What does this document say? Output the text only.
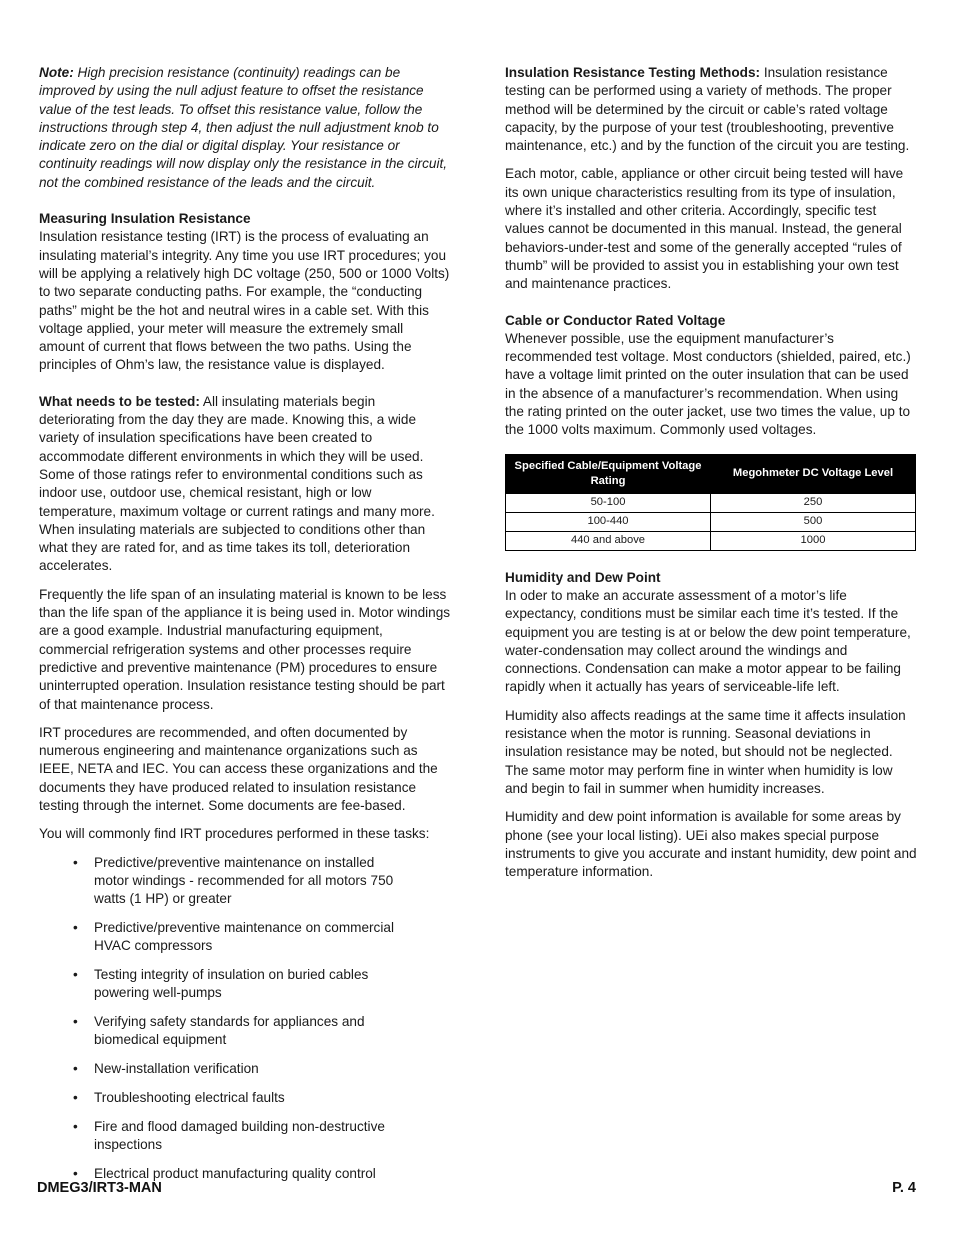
Note: High precision resistance (continuity) readings can be improved by using the null adjust feature to offset the resistance value of the test leads. To offset this resistance value, follow the instructions through step 4, then adjust the null adjustment knob to indicate zero on the dial or digital display. Your resistance or continuity readings will now display only the resistance in the circuit, not the combined resistance of the leads and the circuit.

Measuring Insulation Resistance

Insulation resistance testing (IRT) is the process of evaluating an insulating material’s integrity. Any time you use IRT procedures; you will be applying a relatively high DC voltage (250, 500 or 1000 Volts) to two separate conducting paths. For example, the “conducting paths” might be the hot and neutral wires in a cable set. With this voltage applied, your meter will measure the extremely small amount of current that flows between the two paths. Using the principles of Ohm’s law, the resistance value is displayed.

What needs to be tested: All insulating materials begin deteriorating from the day they are made. Knowing this, a wide variety of insulation specifications have been created to accommodate different environments in which they will be used. Some of those ratings refer to environmental conditions such as indoor use, outdoor use, chemical resistant, high or low temperature, maximum voltage or current ratings and many more. When insulating materials are subjected to conditions other than what they are rated for, and as time takes its toll, deterioration accelerates.

Frequently the life span of an insulating material is known to be less than the life span of the appliance it is being used in. Motor windings are a good example. Industrial manufacturing equipment, commercial refrigeration systems and other processes require predictive and preventive maintenance (PM) procedures to ensure uninterrupted operation. Insulation resistance testing should be part of that maintenance process.

IRT procedures are recommended, and often documented by numerous engineering and maintenance organizations such as IEEE, NETA and IEC. You can access these organizations and the documents they have produced related to insulation resistance testing through the internet. Some documents are fee-based.

You will commonly find IRT procedures performed in these tasks:

• Predictive/preventive maintenance on installed motor windings - recommended for all motors 750 watts (1 HP) or greater
• Predictive/preventive maintenance on commercial HVAC compressors
• Testing integrity of insulation on buried cables powering well-pumps
• Verifying safety standards for appliances and biomedical equipment
• New-installation verification
• Troubleshooting electrical faults
• Fire and flood damaged building non-destructive inspections
• Electrical product manufacturing quality control

Insulation Resistance Testing Methods: Insulation resistance testing can be performed using a variety of methods. The proper method will be determined by the circuit or cable’s rated voltage capacity, by the purpose of your test (troubleshooting, preventive maintenance, etc.) and by the function of the circuit you are testing.

Each motor, cable, appliance or other circuit being tested will have its own unique characteristics resulting from its type of insulation, where it’s installed and other criteria. Accordingly, specific test values cannot be documented in this manual. Instead, the general behaviors-under-test and some of the generally accepted “rules of thumb” will be provided to assist you in establishing your own test and maintenance practices.

Cable or Conductor Rated Voltage

Whenever possible, use the equipment manufacturer’s recommended test voltage. Most conductors (shielded, paired, etc.) have a voltage limit printed on the outer insulation that can be used in the absence of a manufacturer’s recommendation. When using the rating printed on the outer jacket, use two times the value, up to the 1000 volts maximum. Commonly used voltages.

Specified Cable/Equipment Voltage Rating	Megohmeter DC Voltage Level
50-100	250
100-440	500
440 and above	1000
Humidity and Dew Point

In oder to make an accurate assessment of a motor’s life expectancy, conditions must be similar each time it’s tested. If the equipment you are testing is at or below the dew point temperature, water-condensation may collect around the windings and connections. Condensation can make a motor appear to be failing rapidly when it actually has years of serviceable-life left.

Humidity also affects readings at the same time it affects insulation resistance when the motor is running. Seasonal deviations in insulation resistance may be noted, but should not be neglected. The same motor may perform fine in winter when humidity is low and begin to fail in summer when humidity increases.

Humidity and dew point information is available for some areas by phone (see your local listing). UEi also makes special purpose instruments to give you accurate and instant humidity, dew point and temperature information.

DMEG3/IRT3-MAN	P. 4
